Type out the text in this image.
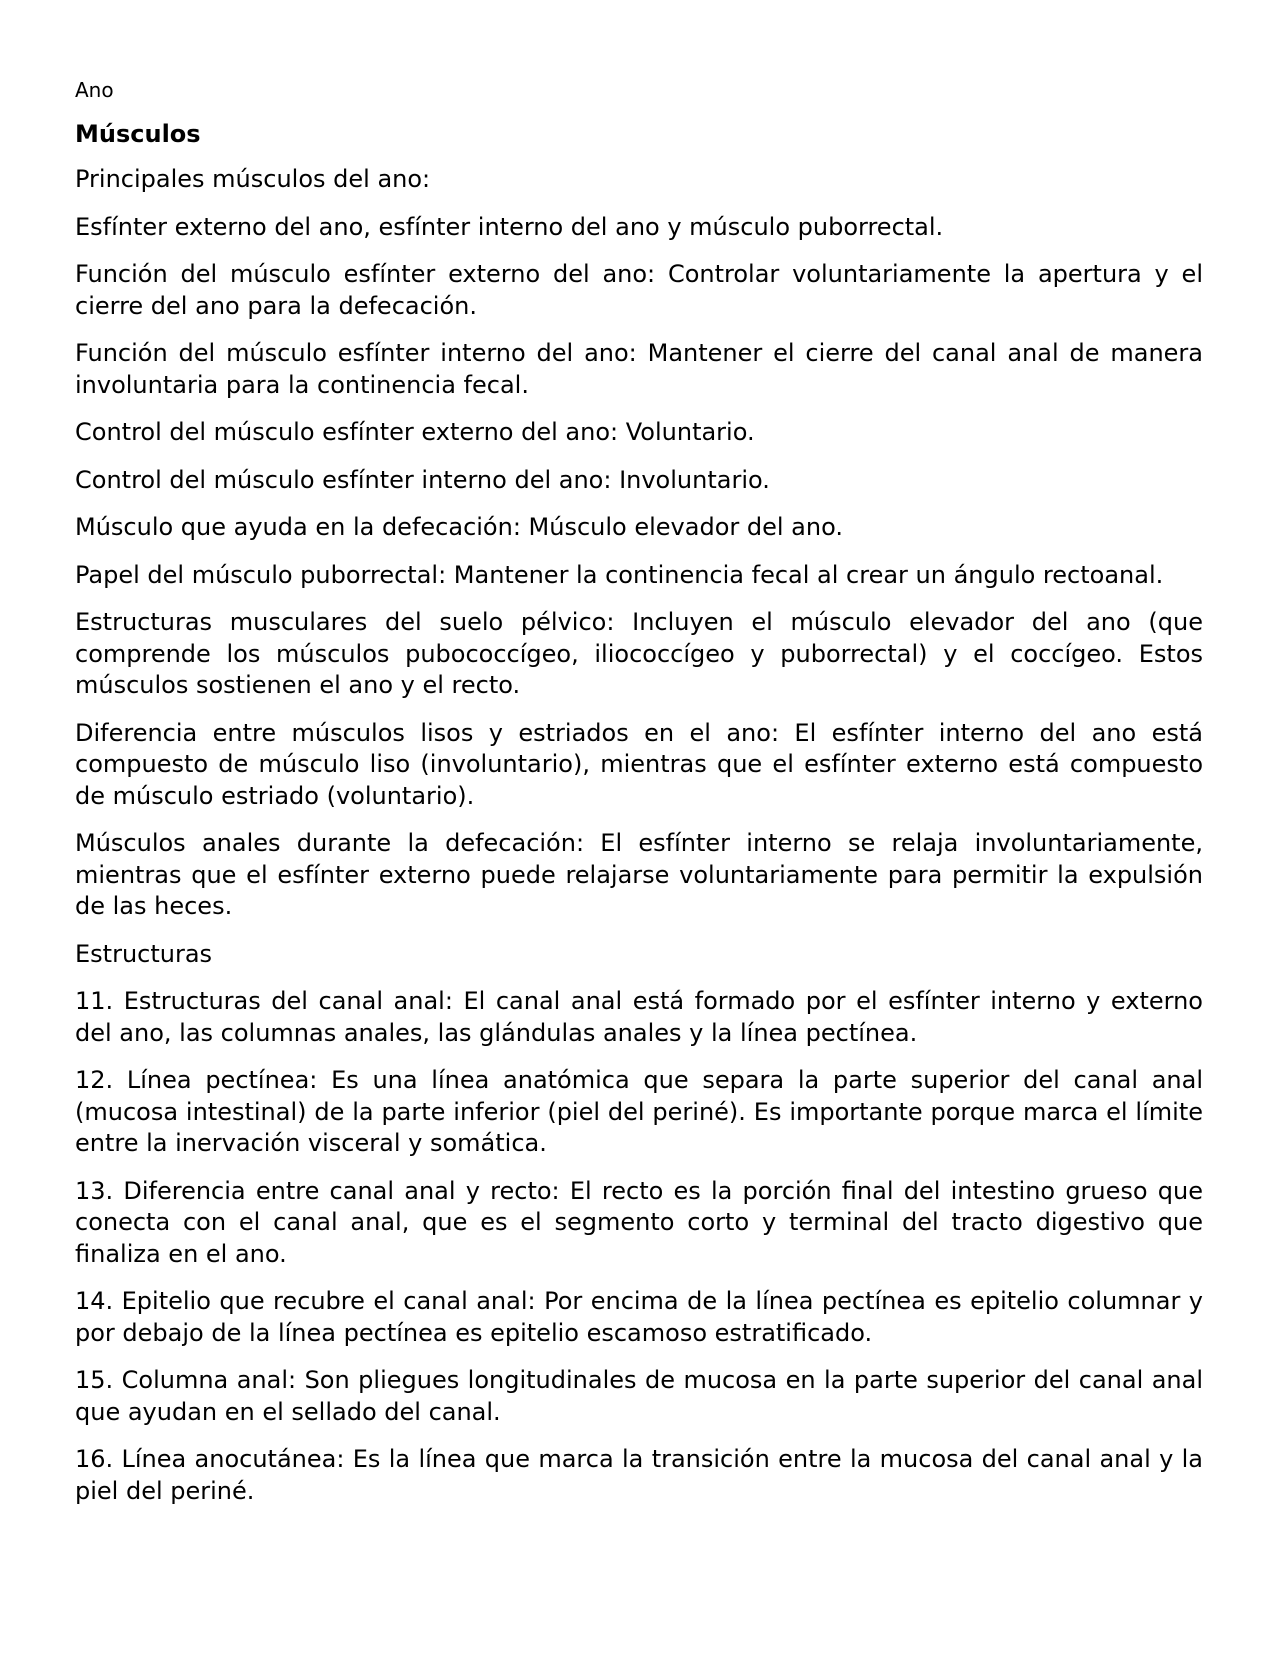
Ano
Músculos

Principales músculos del ano:

Esfínter externo del ano, esfínter interno del ano y músculo puborrectal.

Función del músculo esfínter externo del ano: Controlar voluntariamente la apertura y el cierre del ano para la defecación.

Función del músculo esfínter interno del ano: Mantener el cierre del canal anal de manera involuntaria para la continencia fecal.

Control del músculo esfínter externo del ano: Voluntario.

Control del músculo esfínter interno del ano: Involuntario.

Músculo que ayuda en la defecación: Músculo elevador del ano.

Papel del músculo puborrectal: Mantener la continencia fecal al crear un ángulo rectoanal.

Estructuras musculares del suelo pélvico: Incluyen el músculo elevador del ano (que comprende los músculos pubococcígeo, iliococcígeo y puborrectal) y el coccígeo. Estos músculos sostienen el ano y el recto.

Diferencia entre músculos lisos y estriados en el ano: El esfínter interno del ano está compuesto de músculo liso (involuntario), mientras que el esfínter externo está compuesto de músculo estriado (voluntario).

Músculos anales durante la defecación: El esfínter interno se relaja involuntariamente, mientras que el esfínter externo puede relajarse voluntariamente para permitir la expulsión de las heces.

Estructuras

11. Estructuras del canal anal: El canal anal está formado por el esfínter interno y externo del ano, las columnas anales, las glándulas anales y la línea pectínea.

12. Línea pectínea: Es una línea anatómica que separa la parte superior del canal anal (mucosa intestinal) de la parte inferior (piel del periné). Es importante porque marca el límite entre la inervación visceral y somática.

13. Diferencia entre canal anal y recto: El recto es la porción final del intestino grueso que conecta con el canal anal, que es el segmento corto y terminal del tracto digestivo que finaliza en el ano.

14. Epitelio que recubre el canal anal: Por encima de la línea pectínea es epitelio columnar y por debajo de la línea pectínea es epitelio escamoso estratificado.

15. Columna anal: Son pliegues longitudinales de mucosa en la parte superior del canal anal que ayudan en el sellado del canal.

16. Línea anocutánea: Es la línea que marca la transición entre la mucosa del canal anal y la piel del periné.
